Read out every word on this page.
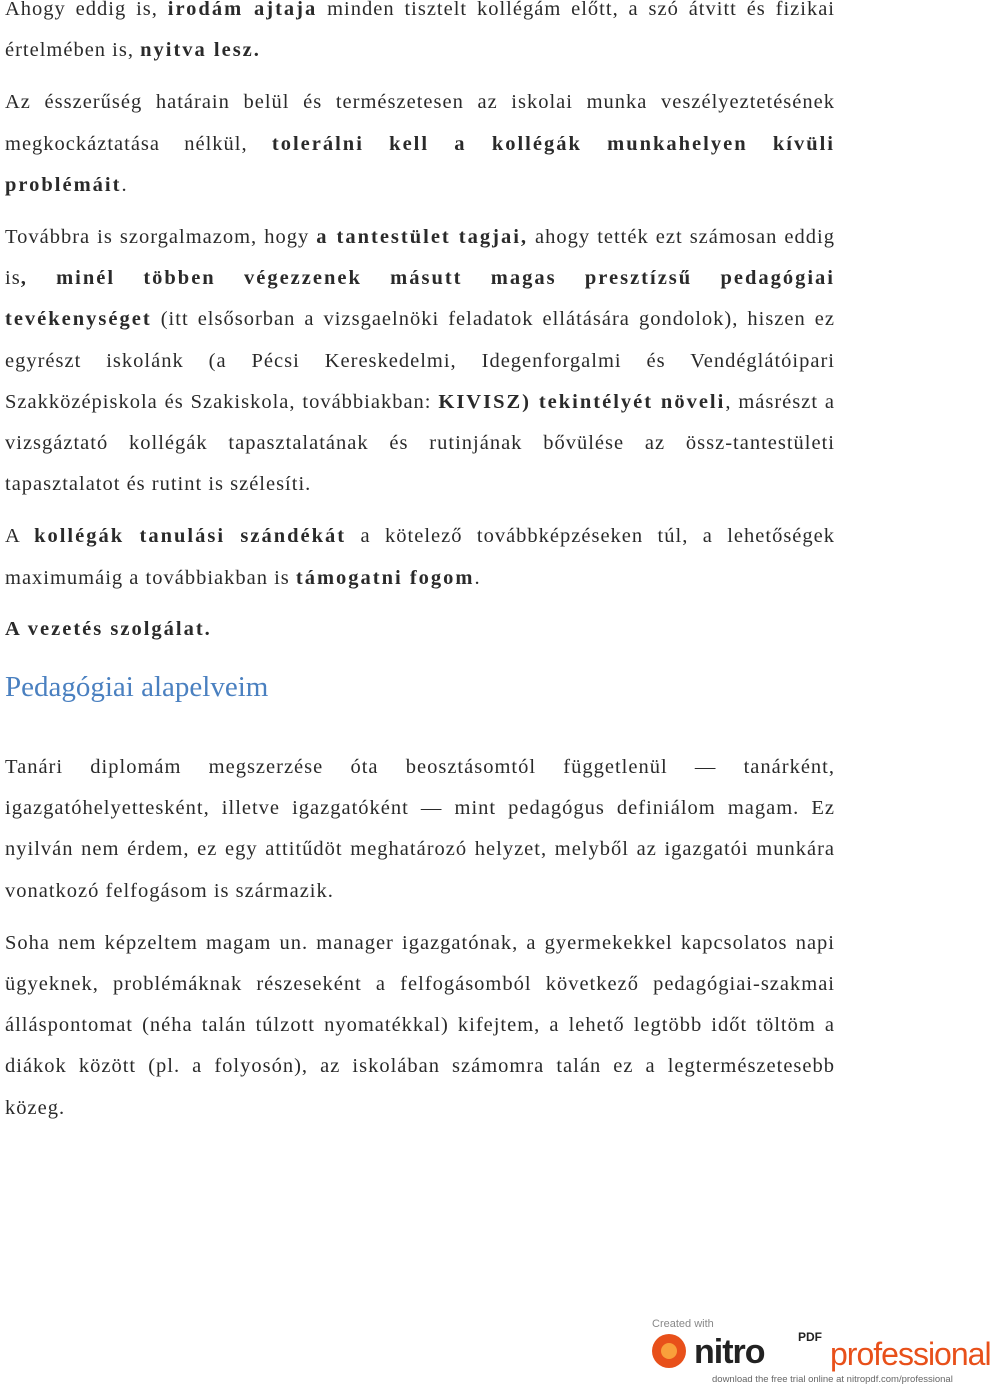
Ahogy eddig is, irodám ajtaja minden tisztelt kollégám előtt, a szó átvitt és fizikai értelmében is, nyitva lesz.

Az ésszerűség határain belül és természetesen az iskolai munka veszélyeztetésének megkockáztatása nélkül, tolerálni kell a kollégák munkahelyen kívüli problémáit.

Továbbra is szorgalmazom, hogy a tantestület tagjai, ahogy tették ezt számosan eddig is, minél többen végezzenek másutt magas presztízsű pedagógiai tevékenységet (itt elsősorban a vizsgaelnöki feladatok ellátására gondolok), hiszen ez egyrészt iskolánk (a Pécsi Kereskedelmi, Idegenforgalmi és Vendéglátóipari Szakközépiskola és Szakiskola, továbbiakban: KIVISZ) tekintélyét növeli, másrészt a vizsgáztató kollégák tapasztalatának és rutinjának bővülése az össz-tantestületi tapasztalatot és rutint is szélesíti.

A kollégák tanulási szándékát a kötelező továbbképzéseken túl, a lehetőségek maximumáig a továbbiakban is támogatni fogom.

A vezetés szolgálat.

Pedagógiai alapelveim

Tanári diplomám megszerzése óta beosztásomtól függetlenül — tanárként, igazgatóhelyettesként, illetve igazgatóként — mint pedagógus definiálom magam. Ez nyilván nem érdem, ez egy attitűdöt meghatározó helyzet, melyből az igazgatói munkára vonatkozó felfogásom is származik.

Soha nem képzeltem magam un. manager igazgatónak, a gyermekekkel kapcsolatos napi ügyeknek, problémáknak részeseként a felfogásomból következő pedagógiai-szakmai álláspontomat (néha talán túlzott nyomatékkal) kifejtem, a lehető legtöbb időt töltöm a diákok között (pl. a folyosón), az iskolában számomra talán ez a legtermészetesebb közeg.

Created with
nitro	PDF professional
download the free trial online at nitropdf.com/professional
